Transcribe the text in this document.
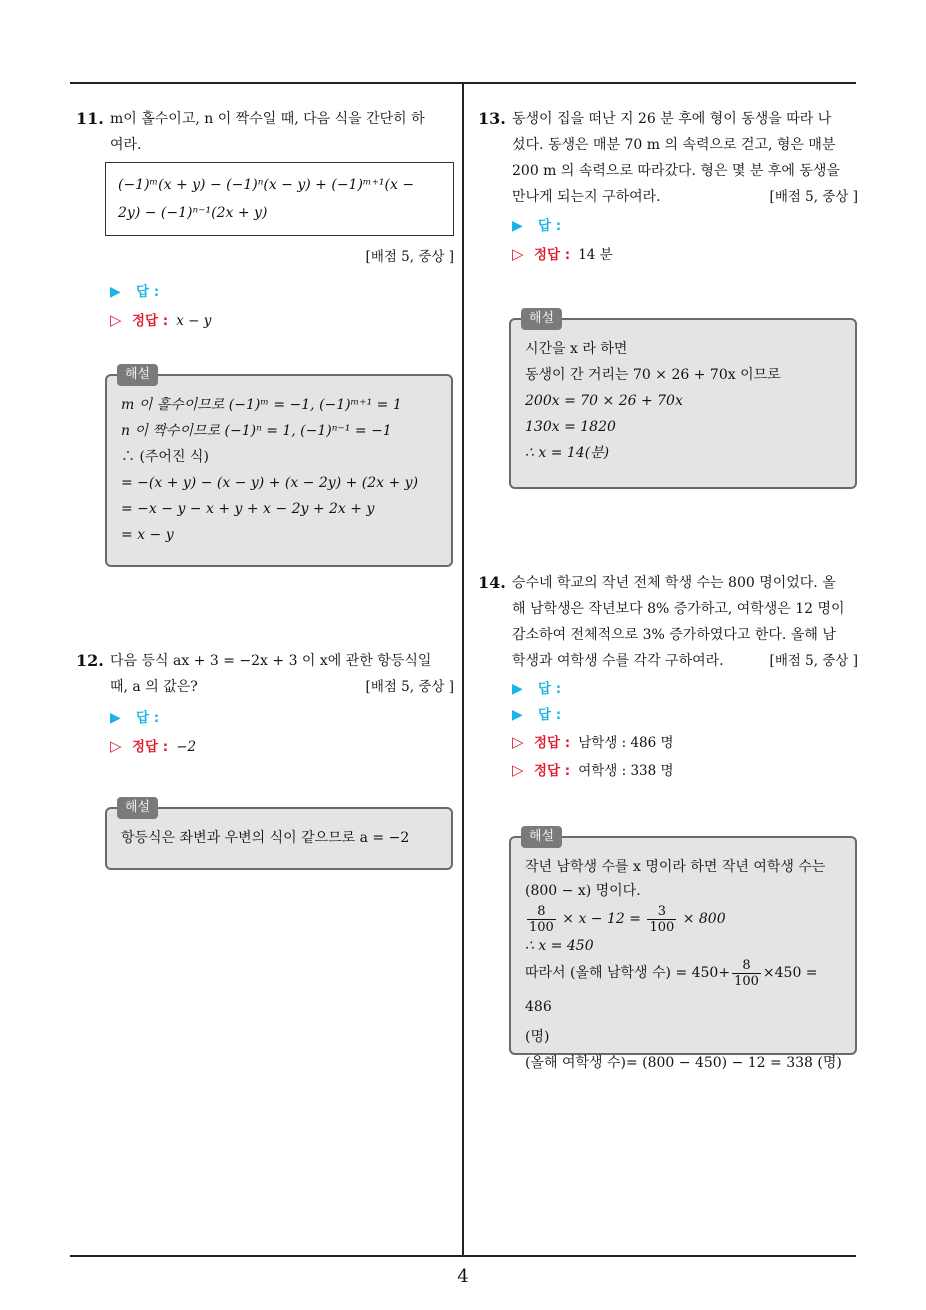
11. m이 홀수이고, n 이 짝수일 때, 다음 식을 간단히 하
여라.
(−1)ᵐ(x + y) − (−1)ⁿ(x − y) + (−1)ᵐ⁺¹(x −
2y) − (−1)ⁿ⁻¹(2x + y)
[배점 5, 중상 ]
▶ 답 :
▷ 정답 : x − y
해설
m 이 홀수이므로 (−1)ᵐ = −1, (−1)ᵐ⁺¹ = 1
n 이 짝수이므로 (−1)ⁿ = 1, (−1)ⁿ⁻¹ = −1
∴ (주어진 식)
= −(x + y) − (x − y) + (x − 2y) + (2x + y)
= −x − y − x + y + x − 2y + 2x + y
= x − y
12. 다음 등식 ax + 3 = −2x + 3 이 x에 관한 항등식일
때, a 의 값은?	[배점 5, 중상 ]
▶ 답 :
▷ 정답 : −2
해설
항등식은 좌변과 우변의 식이 같으므로 a = −2
13. 동생이 집을 떠난 지 26 분 후에 형이 동생을 따라 나
섰다. 동생은 매분 70 m 의 속력으로 걷고, 형은 매분
200 m 의 속력으로 따라갔다. 형은 몇 분 후에 동생을
만나게 되는지 구하여라.	[배점 5, 중상 ]
▶ 답 :
▷ 정답 : 14 분
해설
시간을 x 라 하면
동생이 간 거리는 70 × 26 + 70x 이므로
200x = 70 × 26 + 70x
130x = 1820
∴ x = 14(분)
14. 승수네 학교의 작년 전체 학생 수는 800 명이었다. 올
해 남학생은 작년보다 8% 증가하고, 여학생은 12 명이
감소하여 전체적으로 3% 증가하였다고 한다. 올해 남
학생과 여학생 수를 각각 구하여라.	[배점 5, 중상 ]
▶ 답 :
▶ 답 :
▷ 정답 : 남학생 : 486 명
▷ 정답 : 여학생 : 338 명
해설
작년 남학생 수를 x 명이라 하면 작년 여학생 수는
(800 − x) 명이다.
$\frac{8}{100} \times x - 12 = \frac{3}{100} \times 800$
∴ x = 450
따라서 (올해 남학생 수) = $450+ \frac{8}{100} \times 450 = 486$
(명)
(올해 여학생 수)= (800 − 450) − 12 = 338 (명)
4
